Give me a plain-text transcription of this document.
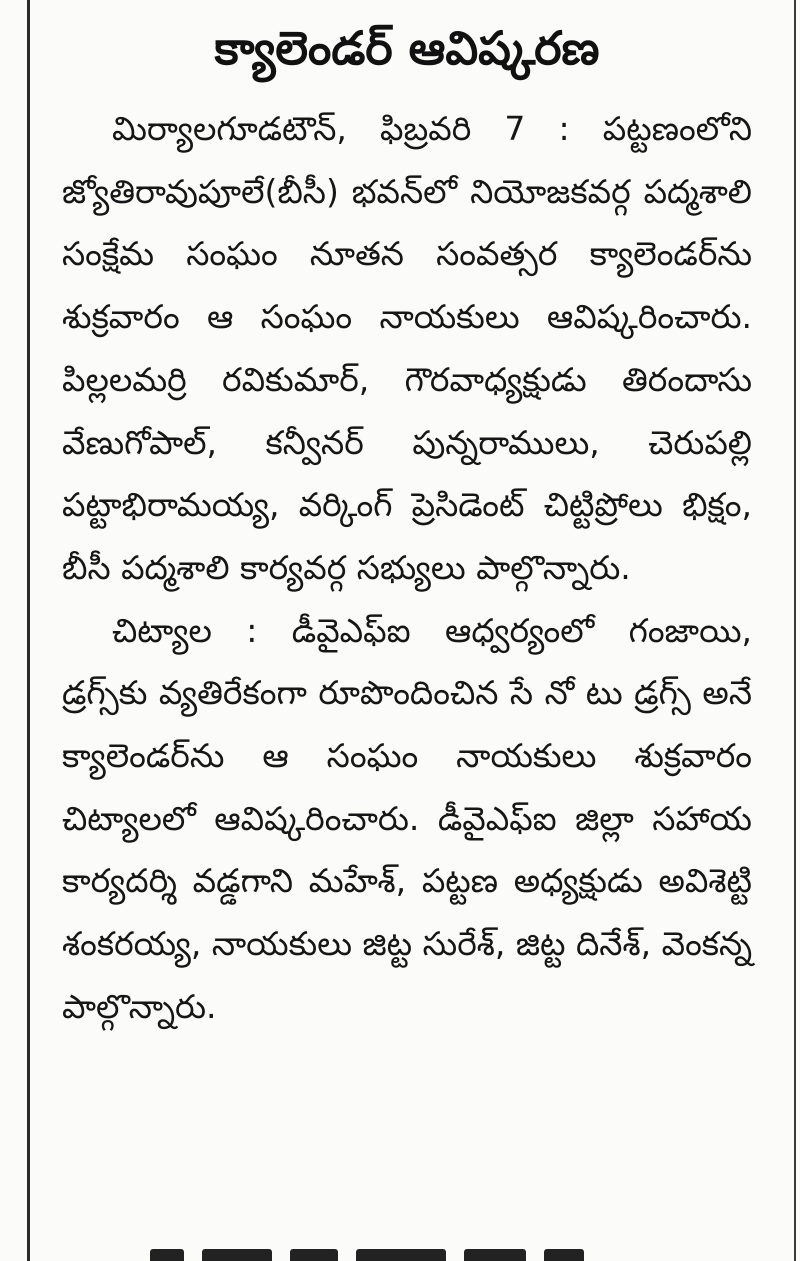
క్యాలెండర్ ఆవిష్కరణ

మిర్యాలగూడటౌన్, ఫిబ్రవరి 7 : పట్టణంలోని జ్యోతిరావుపూలే(బీసీ) భవన్‌లో నియోజకవర్గ పద్మశాలి సంక్షేమ సంఘం నూతన సంవత్సర క్యాలెండర్‌ను శుక్రవారం ఆ సంఘం నాయకులు ఆవిష్కరించారు. పిల్లలమర్రి రవికుమార్, గౌరవాధ్యక్షుడు తిరందాసు వేణుగోపాల్, కన్వీనర్ పున్నరాములు, చెరుపల్లి పట్టాభిరామయ్య, వర్కింగ్ ప్రెసిడెంట్ చిట్టిప్రోలు భిక్షం, బీసీ పద్మశాలి కార్యవర్గ సభ్యులు పాల్గొన్నారు.

చిట్యాల : డీవైఎఫ్ఐ ఆధ్వర్యంలో గంజాయి, డ్రగ్స్‌కు వ్యతిరేకంగా రూపొందించిన సే నో టు డ్రగ్స్ అనే క్యాలెండర్‌ను ఆ సంఘం నాయకులు శుక్రవారం చిట్యాలలో ఆవిష్కరించారు. డీవైఎఫ్ఐ జిల్లా సహాయ కార్యదర్శి వడ్డగాని మహేశ్, పట్టణ అధ్యక్షుడు అవిశెట్టి శంకరయ్య, నాయకులు జిట్ట సురేశ్, జిట్ట దినేశ్, వెంకన్న పాల్గొన్నారు.
